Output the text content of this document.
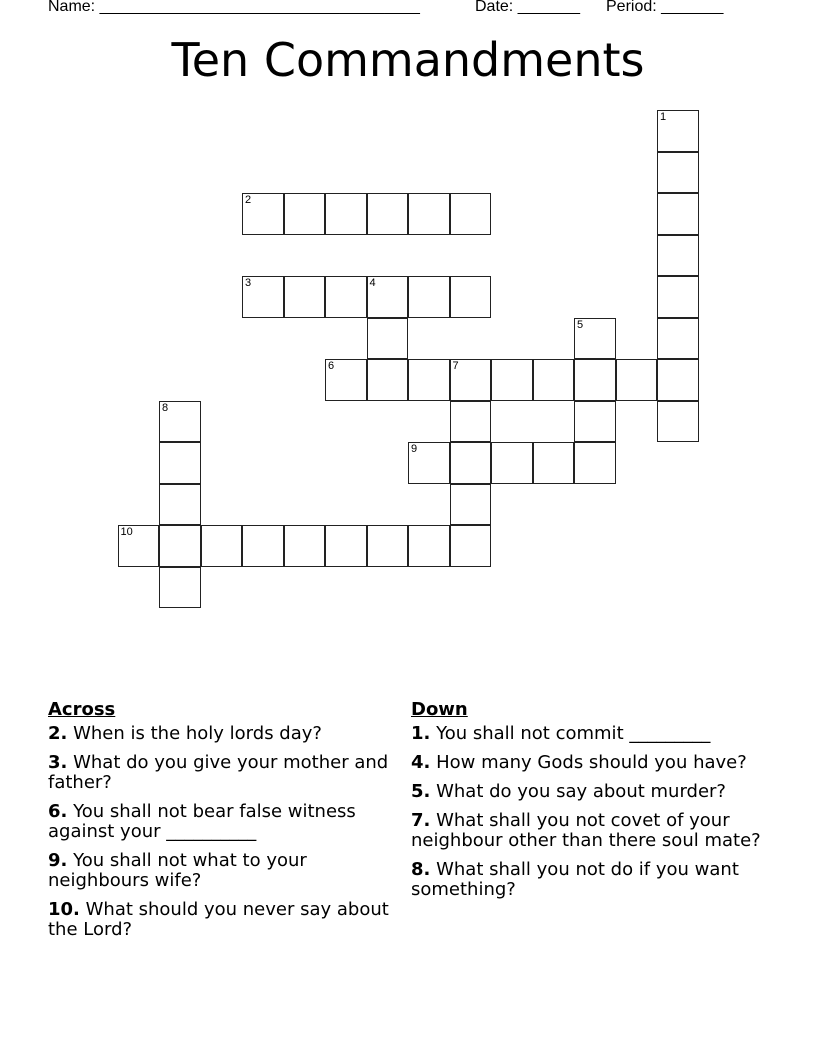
Name: ____________________________________	Date: _______ Period: _______
Ten Commandments
1
2
3	4
5
6	7
8
9
10
Across
2. When is the holy lords day?
3. What do you give your mother and father?
6. You shall not bear false witness against your __________
9. You shall not what to your neighbours wife?
10. What should you never say about the Lord?
Down
1. You shall not commit _________
4. How many Gods should you have?
5. What do you say about murder?
7. What shall you not covet of your neighbour other than there soul mate?
8. What shall you not do if you want something?
